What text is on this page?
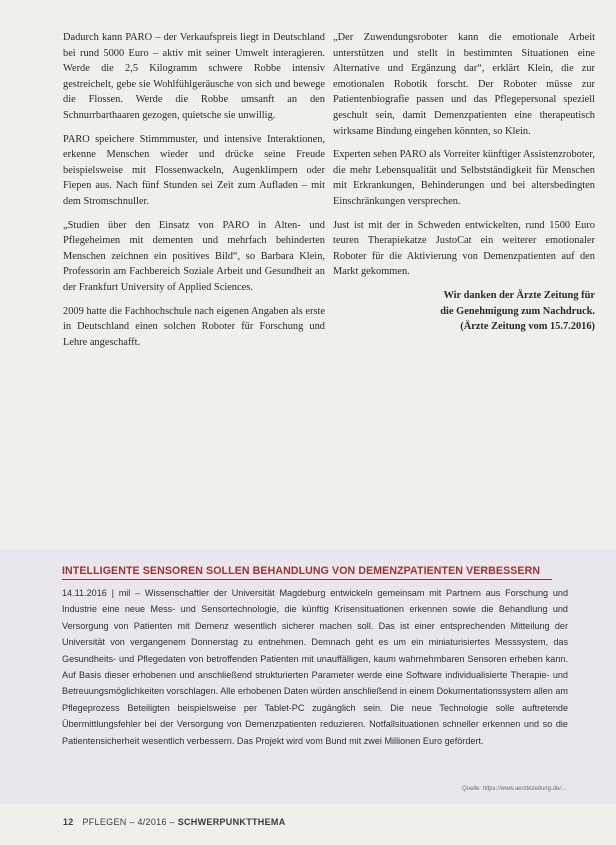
Dadurch kann PARO – der Verkaufspreis liegt in Deutschland bei rund 5000 Euro – aktiv mit seiner Umwelt interagieren. Werde die 2,5 Kilogramm schwere Robbe intensiv gestreichelt, gebe sie Wohlfühlgeräusche von sich und bewege die Flossen. Werde die Robbe umsanft an den Schnurrbarthaaren gezogen, quietsche sie unwillig.

PARO speichere Stimmmuster, und intensive Interaktionen, erkenne Menschen wieder und drücke seine Freude beispielsweise mit Flossenwackeln, Augenklimpern oder Fiepen aus. Nach fünf Stunden sei Zeit zum Aufladen – mit dem Stromschnuller.

„Studien über den Einsatz von PARO in Alten- und Pflegeheimen mit dementen und mehrfach behinderten Menschen zeichnen ein positives Bild“, so Barbara Klein, Professorin am Fachbereich Soziale Arbeit und Gesundheit an der Frankfurt University of Applied Sciences.

2009 hatte die Fachhochschule nach eigenen Angaben als erste in Deutschland einen solchen Roboter für Forschung und Lehre angeschafft.

„Der Zuwendungsroboter kann die emotionale Arbeit unterstützen und stellt in bestimmten Situationen eine Alternative und Ergänzung dar“, erklärt Klein, die zur emotionalen Robotik forscht. Der Roboter müsse zur Patientenbiografie passen und das Pflegepersonal speziell geschult sein, damit Demenzpatienten eine therapeutisch wirksame Bindung eingehen könnten, so Klein.

Experten sehen PARO als Vorreiter künftiger Assistenzroboter, die mehr Lebensqualität und Selbstständigkeit für Menschen mit Erkrankungen, Behinderungen und bei altersbedingten Einschränkungen versprechen.

Just ist mit der in Schweden entwickelten, rund 1500 Euro teuren Therapiekatze JustoCat ein weiterer emotionaler Roboter für die Aktivierung von Demenzpatienten auf den Markt gekommen.

Wir danken der Ärzte Zeitung für
die Genehmigung zum Nachdruck.
(Ärzte Zeitung vom 15.7.2016)
INTELLIGENTE SENSOREN SOLLEN BEHANDLUNG VON DEMENZPATIENTEN VERBESSERN
14.11.2016 | mil – Wissenschaftler der Universität Magdeburg entwickeln gemeinsam mit Partnern aus Forschung und Industrie eine neue Mess- und Sensortechnologie, die künftig Krisensituationen erkennen sowie die Behandlung und Versorgung von Patienten mit Demenz wesentlich sicherer machen soll. Das ist einer entsprechenden Mitteilung der Universität von vergangenem Donnerstag zu entnehmen. Demnach geht es um ein miniaturisiertes Messsystem, das Gesundheits- und Pflegedaten von betroffenden Patienten mit unauffälligen, kaum wahrnehmbaren Sensoren erheben kann. Auf Basis dieser erhobenen und anschließend strukturierten Parameter werde eine Software individualisierte Therapie- und Betreuungsmöglichkeiten vorschlagen. Alle erhobenen Daten würden anschließend in einem Dokumentationssystem allen am Pflegeprozess Beteiligten beispielsweise per Tablet-PC zugänglich sein. Die neue Technologie solle auftretende Übermittlungsfehler bei der Versorgung von Demenzpatienten reduzieren. Notfallsituationen schneller erkennen und so die Patientensicherheit wesentlich verbessern. Das Projekt wird vom Bund mit zwei Millionen Euro gefördert.
Quelle: https://www.aerztezeitung.de/...
12 PFLEGEN – 4/2016 – SCHWERPUNKTTHEMA
